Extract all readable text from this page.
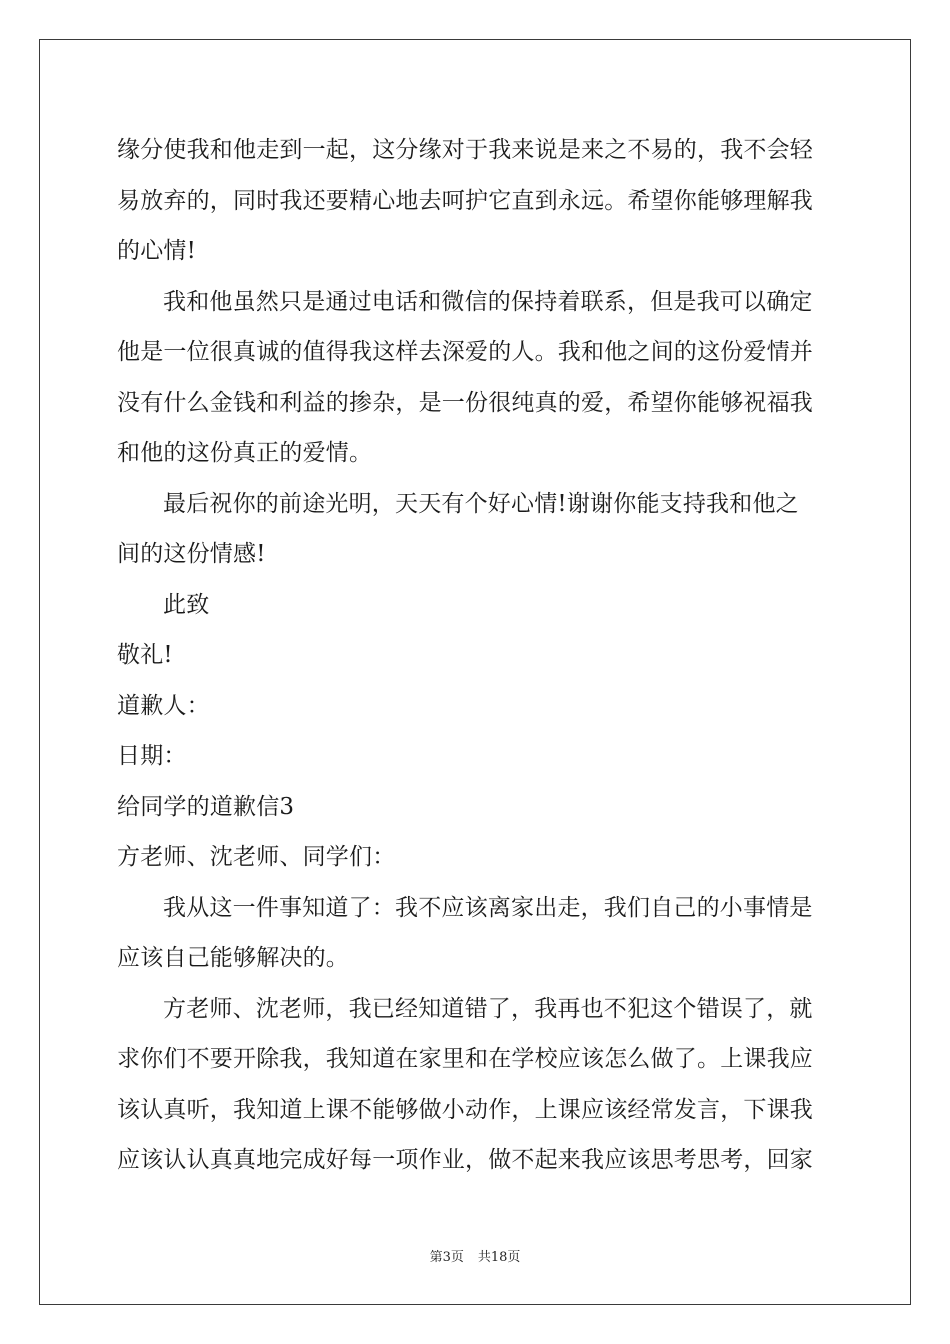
缘分使我和他走到一起，这分缘对于我来说是来之不易的，我不会轻
易放弃的，同时我还要精心地去呵护它直到永远。希望你能够理解我
的心情!
我和他虽然只是通过电话和微信的保持着联系，但是我可以确定
他是一位很真诚的值得我这样去深爱的人。我和他之间的这份爱情并
没有什么金钱和利益的掺杂，是一份很纯真的爱，希望你能够祝福我
和他的这份真正的爱情。
最后祝你的前途光明，天天有个好心情!谢谢你能支持我和他之
间的这份情感!
此致
敬礼!
道歉人：
日期：
给同学的道歉信3
方老师、沈老师、同学们：
我从这一件事知道了：我不应该离家出走，我们自己的小事情是
应该自己能够解决的。
方老师、沈老师，我已经知道错了，我再也不犯这个错误了，就
求你们不要开除我，我知道在家里和在学校应该怎么做了。上课我应
该认真听，我知道上课不能够做小动作，上课应该经常发言，下课我
应该认认真真地完成好每一项作业，做不起来我应该思考思考，回家
第3页 共18页
